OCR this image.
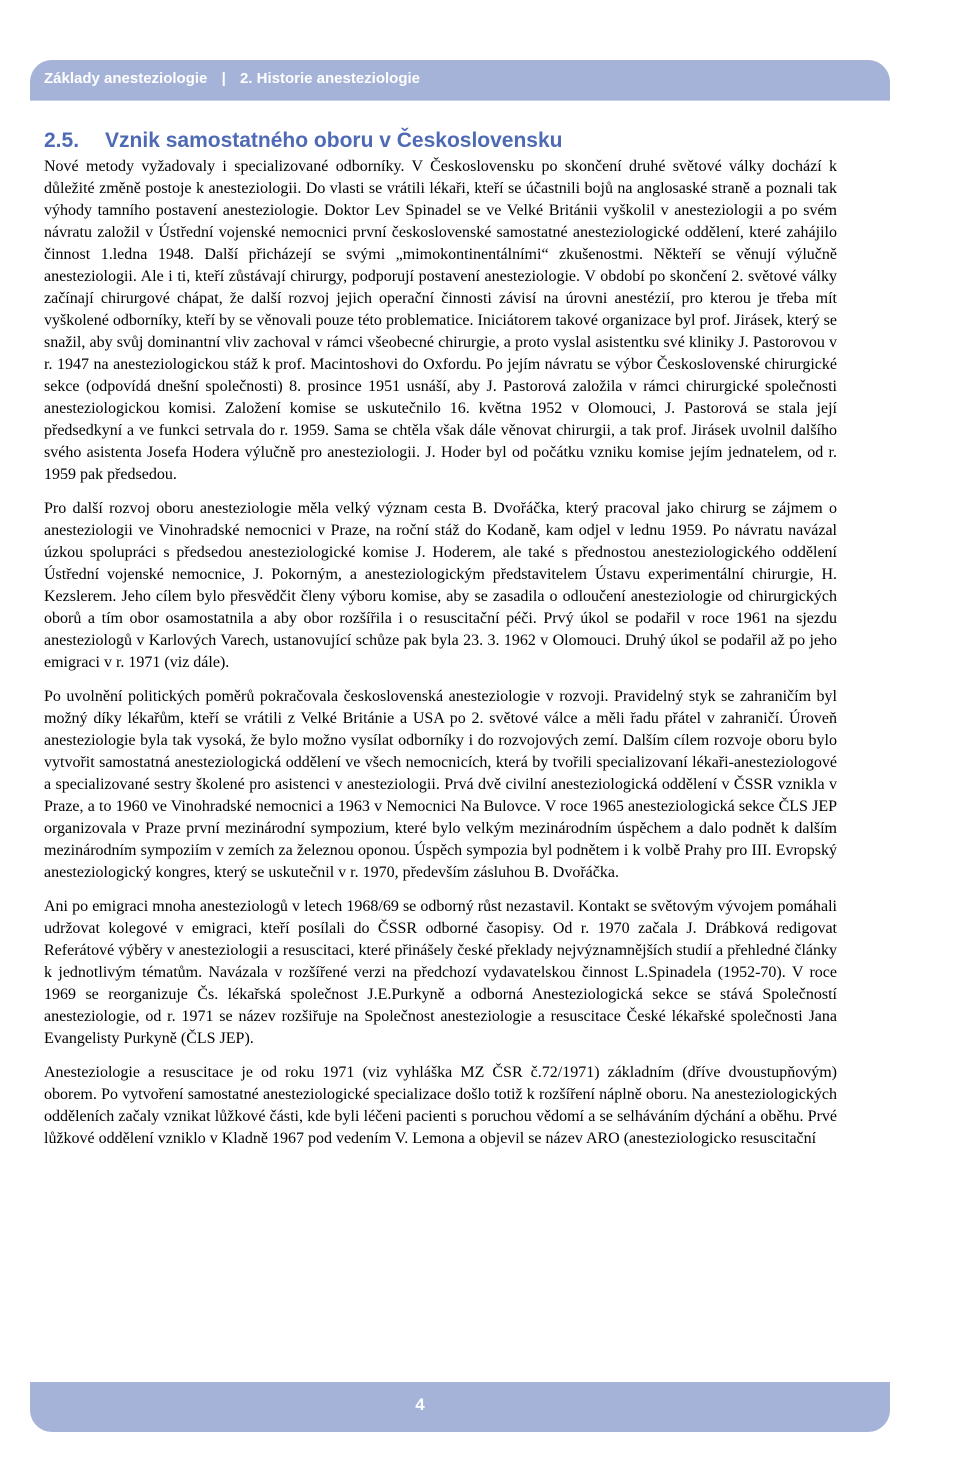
Základy anesteziologie | 2. Historie anesteziologie
2.5. Vznik samostatného oboru v Československu

Nové metody vyžadovaly i specializované odborníky. V Československu po skončení druhé světové války dochází k důležité změně postoje k anesteziologii. Do vlasti se vrátili lékaři, kteří se účastnili bojů na anglosaské straně a poznali tak výhody tamního postavení anesteziologie. Doktor Lev Spinadel se ve Velké Británii vyškolil v anesteziologii a po svém návratu založil v Ústřední vojenské nemocnici první československé samostatné anesteziologické oddělení, které zahájilo činnost 1.ledna 1948. Další přicházejí se svými „mimokontinentálními“ zkušenostmi. Někteří se věnují výlučně anesteziologii. Ale i ti, kteří zůstávají chirurgy, podporují postavení anesteziologie. V období po skončení 2. světové války začínají chirurgové chápat, že další rozvoj jejich operační činnosti závisí na úrovni anestézií, pro kterou je třeba mít vyškolené odborníky, kteří by se věnovali pouze této problematice. Iniciátorem takové organizace byl prof. Jirásek, který se snažil, aby svůj dominantní vliv zachoval v rámci všeobecné chirurgie, a proto vyslal asistentku své kliniky J. Pastorovou v r. 1947 na anesteziologickou stáž k prof. Macintoshovi do Oxfordu. Po jejím návratu se výbor Československé chirurgické sekce (odpovídá dnešní společnosti) 8. prosince 1951 usnáší, aby J. Pastorová založila v rámci chirurgické společnosti anesteziologickou komisi. Založení komise se uskutečnilo 16. května 1952 v Olomouci, J. Pastorová se stala její předsedkyní a ve funkci setrvala do r. 1959. Sama se chtěla však dále věnovat chirurgii, a tak prof. Jirásek uvolnil dalšího svého asistenta Josefa Hodera výlučně pro anesteziologii. J. Hoder byl od počátku vzniku komise jejím jednatelem, od r. 1959 pak předsedou.

Pro další rozvoj oboru anesteziologie měla velký význam cesta B. Dvořáčka, který pracoval jako chirurg se zájmem o anesteziologii ve Vinohradské nemocnici v Praze, na roční stáž do Kodaně, kam odjel v lednu 1959. Po návratu navázal úzkou spolupráci s předsedou anesteziologické komise J. Hoderem, ale také s přednostou anesteziologického oddělení Ústřední vojenské nemocnice, J. Pokorným, a anesteziologickým představitelem Ústavu experimentální chirurgie, H. Kezslerem. Jeho cílem bylo přesvědčit členy výboru komise, aby se zasadila o odloučení anesteziologie od chirurgických oborů a tím obor osamostatnila a aby obor rozšířila i o resuscitační péči. Prvý úkol se podařil v roce 1961 na sjezdu anesteziologů v Karlových Varech, ustanovující schůze pak byla 23. 3. 1962 v Olomouci. Druhý úkol se podařil až po jeho emigraci v r. 1971 (viz dále).

Po uvolnění politických poměrů pokračovala československá anesteziologie v rozvoji. Pravidelný styk se zahraničím byl možný díky lékařům, kteří se vrátili z Velké Británie a USA po 2. světové válce a měli řadu přátel v zahraničí. Úroveň anesteziologie byla tak vysoká, že bylo možno vysílat odborníky i do rozvojových zemí. Dalším cílem rozvoje oboru bylo vytvořit samostatná anesteziologická oddělení ve všech nemocnicích, která by tvořili specializovaní lékaři-anesteziologové a specializované sestry školené pro asistenci v anesteziologii. Prvá dvě civilní anesteziologická oddělení v ČSSR vznikla v Praze, a to 1960 ve Vinohradské nemocnici a 1963 v Nemocnici Na Bulovce. V roce 1965 anesteziologická sekce ČLS JEP organizovala v Praze první mezinárodní sympozium, které bylo velkým mezinárodním úspěchem a dalo podnět k dalším mezinárodním sympoziím v zemích za železnou oponou. Úspěch sympozia byl podnětem i k volbě Prahy pro III. Evropský anesteziologický kongres, který se uskutečnil v r. 1970, především zásluhou B. Dvořáčka.

Ani po emigraci mnoha anesteziologů v letech 1968/69 se odborný růst nezastavil. Kontakt se světovým vývojem pomáhali udržovat kolegové v emigraci, kteří posílali do ČSSR odborné časopisy. Od r. 1970 začala J. Drábková redigovat Referátové výběry v anesteziologii a resuscitaci, které přinášely české překlady nejvýznamnějších studií a přehledné články k jednotlivým tématům. Navázala v rozšířené verzi na předchozí vydavatelskou činnost L.Spinadela (1952-70). V roce 1969 se reorganizuje Čs. lékařská společnost J.E.Purkyně a odborná Anesteziologická sekce se stává Společností anesteziologie, od r. 1971 se název rozšiřuje na Společnost anesteziologie a resuscitace České lékařské společnosti Jana Evangelisty Purkyně (ČLS JEP).

Anesteziologie a resuscitace je od roku 1971 (viz vyhláška MZ ČSR č.72/1971) základním (dříve dvoustupňovým) oborem. Po vytvoření samostatné anesteziologické specializace došlo totiž k rozšíření náplně oboru. Na anesteziologických odděleních začaly vznikat lůžkové části, kde byli léčeni pacienti s poruchou vědomí a se selháváním dýchání a oběhu. Prvé lůžkové oddělení vzniklo v Kladně 1967 pod vedením V. Lemona a objevil se název ARO (anesteziologicko resuscitační

4
